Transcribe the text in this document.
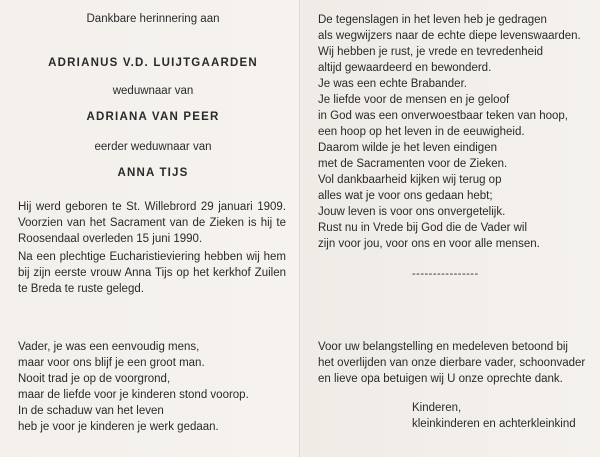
Dankbare herinnering aan
ADRIANUS V.D. LUIJTGAARDEN
weduwnaar van
ADRIANA VAN PEER
eerder weduwnaar van
ANNA TIJS

Hij werd geboren te St. Willebrord 29 januari 1909. Voorzien van het Sacrament van de Zieken is hij te Roosendaal overleden 15 juni 1990.

Na een plechtige Eucharistieviering hebben wij hem bij zijn eerste vrouw Anna Tijs op het kerkhof Zuilen te Breda te ruste gelegd.

Vader, je was een eenvoudig mens,
maar voor ons blijf je een groot man.
Nooit trad je op de voorgrond,
maar de liefde voor je kinderen stond voorop.
In de schaduw van het leven
heb je voor je kinderen je werk gedaan.
De tegenslagen in het leven heb je gedragen
als wegwijzers naar de echte diepe levenswaarden.
Wij hebben je rust, je vrede en tevredenheid
altijd gewaardeerd en bewonderd.
Je was een echte Brabander.
Je liefde voor de mensen en je geloof
in God was een onverwoestbaar teken van hoop,
een hoop op het leven in de eeuwigheid.
Daarom wilde je het leven eindigen
met de Sacramenten voor de Zieken.
Vol dankbaarheid kijken wij terug op
alles wat je voor ons gedaan hebt;
Jouw leven is voor ons onvergetelijk.
Rust nu in Vrede bij God die de Vader wil
zijn voor jou, voor ons en voor alle mensen.
----------------
Voor uw belangstelling en medeleven betoond bij
het overlijden van onze dierbare vader, schoonvader
en lieve opa betuigen wij U onze oprechte dank.
Kinderen,
kleinkinderen en achterkleinkind
